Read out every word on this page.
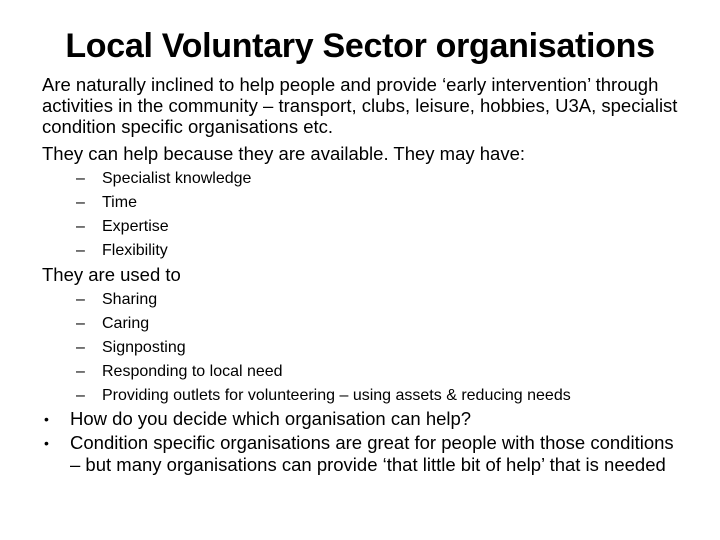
Local Voluntary Sector organisations

Are naturally inclined to help people and provide ‘early intervention’ through activities in the community – transport, clubs, leisure, hobbies, U3A, specialist condition specific organisations etc.

They can help because they are available. They may have:

– Specialist knowledge
– Time
– Expertise
– Flexibility

They are used to

– Sharing
– Caring
– Signposting
– Responding to local need
– Providing outlets for volunteering – using assets & reducing needs
• How do you decide which organisation can help?
• Condition specific organisations are great for people with those conditions – but many organisations can provide ‘that little bit of help’ that is needed
